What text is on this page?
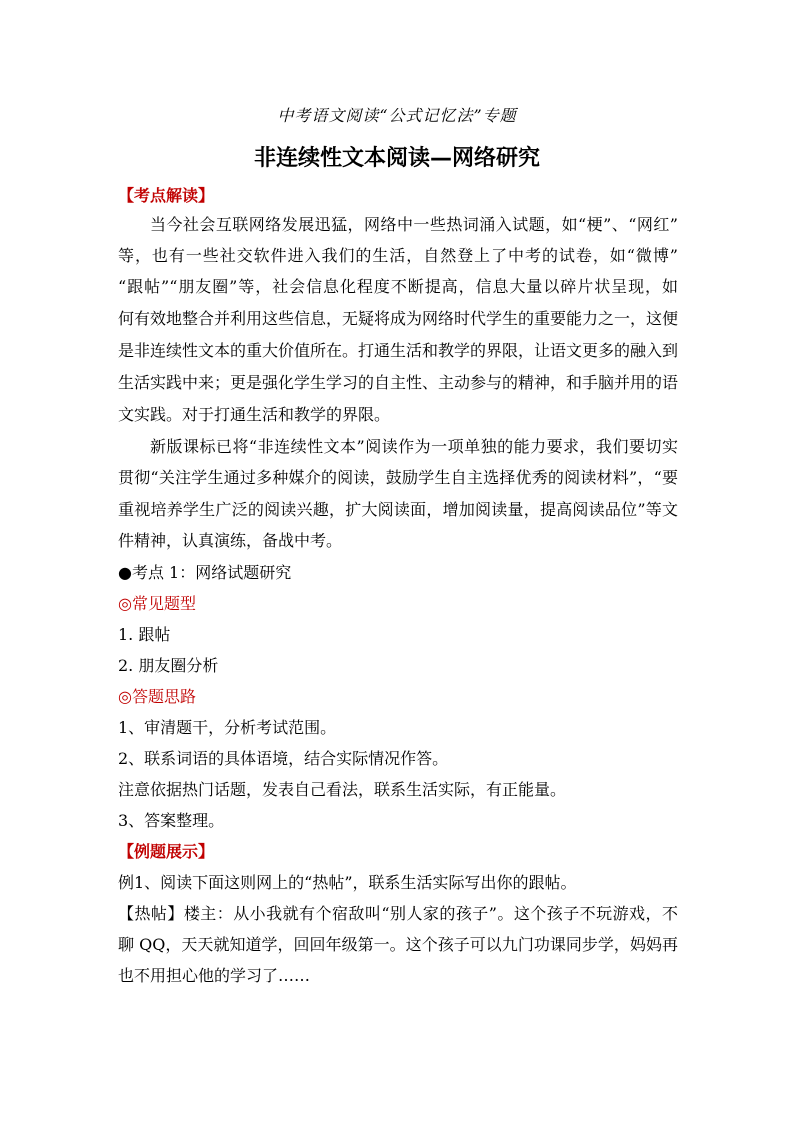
中考语文阅读“公式记忆法”专题
非连续性文本阅读—网络研究
【考点解读】
当今社会互联网络发展迅猛，网络中一些热词涌入试题，如“梗”、“网红”
等，也有一些社交软件进入我们的生活，自然登上了中考的试卷，如“微博”
“跟帖”“朋友圈”等，社会信息化程度不断提高，信息大量以碎片状呈现，如
何有效地整合并利用这些信息，无疑将成为网络时代学生的重要能力之一，这便
是非连续性文本的重大价值所在。打通生活和教学的界限，让语文更多的融入到
生活实践中来；更是强化学生学习的自主性、主动参与的精神，和手脑并用的语
文实践。对于打通生活和教学的界限。
新版课标已将“非连续性文本”阅读作为一项单独的能力要求，我们要切实
贯彻“关注学生通过多种媒介的阅读，鼓励学生自主选择优秀的阅读材料”，“要
重视培养学生广泛的阅读兴趣，扩大阅读面，增加阅读量，提高阅读品位”等文
件精神，认真演练，备战中考。
●考点 1：网络试题研究
◎常见题型
1. 跟帖
2. 朋友圈分析
◎答题思路
1、审清题干，分析考试范围。
2、联系词语的具体语境，结合实际情况作答。
注意依据热门话题，发表自己看法，联系生活实际，有正能量。
3、答案整理。
【例题展示】
例1、阅读下面这则网上的“热帖”，联系生活实际写出你的跟帖。
【热帖】楼主：从小我就有个宿敌叫“别人家的孩子”。这个孩子不玩游戏，不
聊 QQ，天天就知道学，回回年级第一。这个孩子可以九门功课同步学，妈妈再
也不用担心他的学习了……
